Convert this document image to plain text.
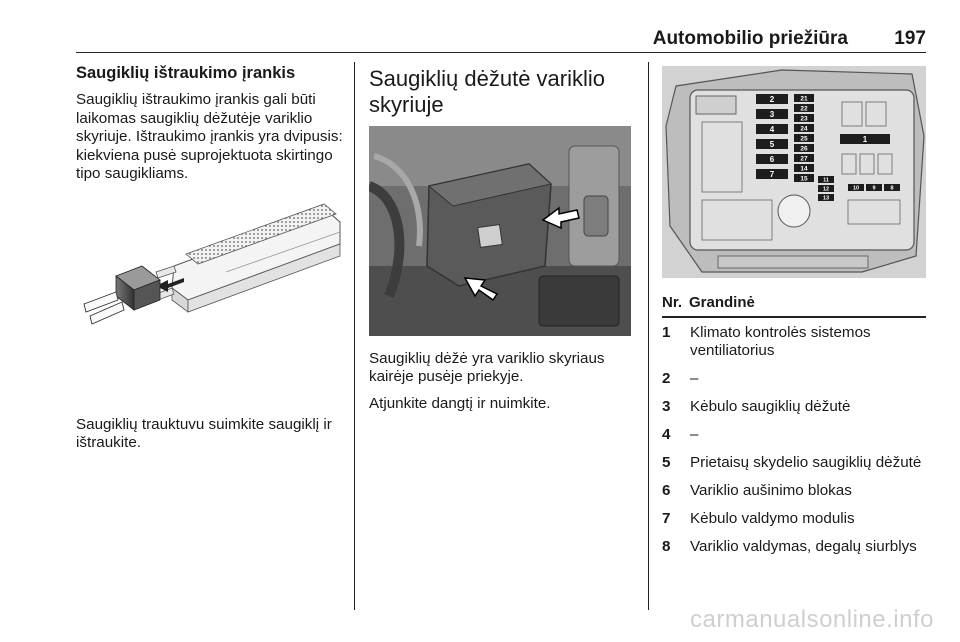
Automobilio priežiūra 197
Saugiklių ištraukimo įrankis

Saugiklių ištraukimo įrankis gali būti laikomas saugiklių dėžutėje variklio skyriuje. Ištraukimo įrankis yra dvipusis: kiekviena pusė suprojektuota skirtingo tipo saugikliams.

Saugiklių trauktuvu suimkite saugiklį ir ištraukite.

Saugiklių dėžutė variklio skyriuje

Saugiklių dėžė yra variklio skyriaus kairėje pusėje priekyje.

Atjunkite dangtį ir nuimkite.

2
3
4
5
6
7
21
22
23
24
25
26
27
14
15	11
12
13
10 9	8
1
Nr. Grandinė
1 Klimato kontrolės sistemos ventiliatorius
2 –
3 Kėbulo saugiklių dėžutė
4 –
5 Prietaisų skydelio saugiklių dėžutė
6 Variklio aušinimo blokas
7 Kėbulo valdymo modulis
8 Variklio valdymas, degalų siurblys
carmanualsonline.info
